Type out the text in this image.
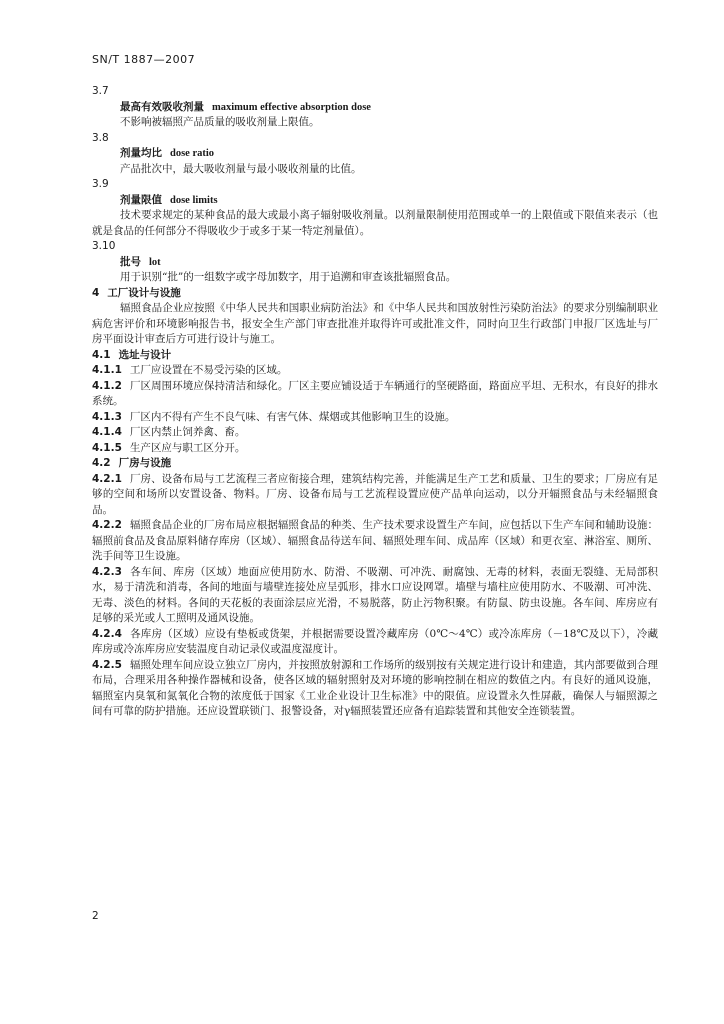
SN/T 1887—2007

3.7

最高有效吸收剂量 maximum effective absorption dose

不影响被辐照产品质量的吸收剂量上限值。

3.8

剂量均比 dose ratio

产品批次中，最大吸收剂量与最小吸收剂量的比值。

3.9

剂量限值 dose limits

技术要求规定的某种食品的最大或最小离子辐射吸收剂量。以剂量限制使用范围或单一的上限值或下限值来表示（也就是食品的任何部分不得吸收少于或多于某一特定剂量值）。

3.10

批号 lot

用于识别“批”的一组数字或字母加数字，用于追溯和审查该批辐照食品。

4 工厂设计与设施

辐照食品企业应按照《中华人民共和国职业病防治法》和《中华人民共和国放射性污染防治法》的要求分别编制职业病危害评价和环境影响报告书，报安全生产部门审查批准并取得许可或批准文件，同时向卫生行政部门申报厂区选址与厂房平面设计审查后方可进行设计与施工。

4.1 选址与设计

4.1.1 工厂应设置在不易受污染的区域。

4.1.2 厂区周围环境应保持清洁和绿化。厂区主要应铺设适于车辆通行的坚硬路面，路面应平坦、无积水，有良好的排水系统。

4.1.3 厂区内不得有产生不良气味、有害气体、煤烟或其他影响卫生的设施。

4.1.4 厂区内禁止饲养禽、畜。

4.1.5 生产区应与职工区分开。

4.2 厂房与设施

4.2.1 厂房、设备布局与工艺流程三者应衔接合理，建筑结构完善，并能满足生产工艺和质量、卫生的要求；厂房应有足够的空间和场所以安置设备、物料。厂房、设备布局与工艺流程设置应使产品单向运动，以分开辐照食品与未经辐照食品。

4.2.2 辐照食品企业的厂房布局应根据辐照食品的种类、生产技术要求设置生产车间，应包括以下生产车间和辅助设施：辐照前食品及食品原料储存库房（区域）、辐照食品待送车间、辐照处理车间、成品库（区域）和更衣室、淋浴室、厕所、洗手间等卫生设施。

4.2.3 各车间、库房（区域）地面应使用防水、防滑、不吸潮、可冲洗、耐腐蚀、无毒的材料，表面无裂缝、无局部积水，易于清洗和消毒，各间的地面与墙壁连接处应呈弧形，排水口应设网罩。墙壁与墙柱应使用防水、不吸潮、可冲洗、无毒、淡色的材料。各间的天花板的表面涂层应光滑，不易脱落，防止污物积聚。有防鼠、防虫设施。各车间、库房应有足够的采光或人工照明及通风设施。

4.2.4 各库房（区域）应设有垫板或货架，并根据需要设置冷藏库房（0℃～4℃）或冷冻库房（－18℃及以下），冷藏库房或冷冻库房应安装温度自动记录仪或温度湿度计。

4.2.5 辐照处理车间应设立独立厂房内，并按照放射源和工作场所的级别按有关规定进行设计和建造，其内部要做到合理布局，合理采用各种操作器械和设备，使各区域的辐射照射及对环境的影响控制在相应的数值之内。有良好的通风设施，辐照室内臭氧和氮氧化合物的浓度低于国家《工业企业设计卫生标准》中的限值。应设置永久性屏蔽，确保人与辐照源之间有可靠的防护措施。还应设置联锁门、报警设备，对γ辐照装置还应备有追踪装置和其他安全连锁装置。

2
